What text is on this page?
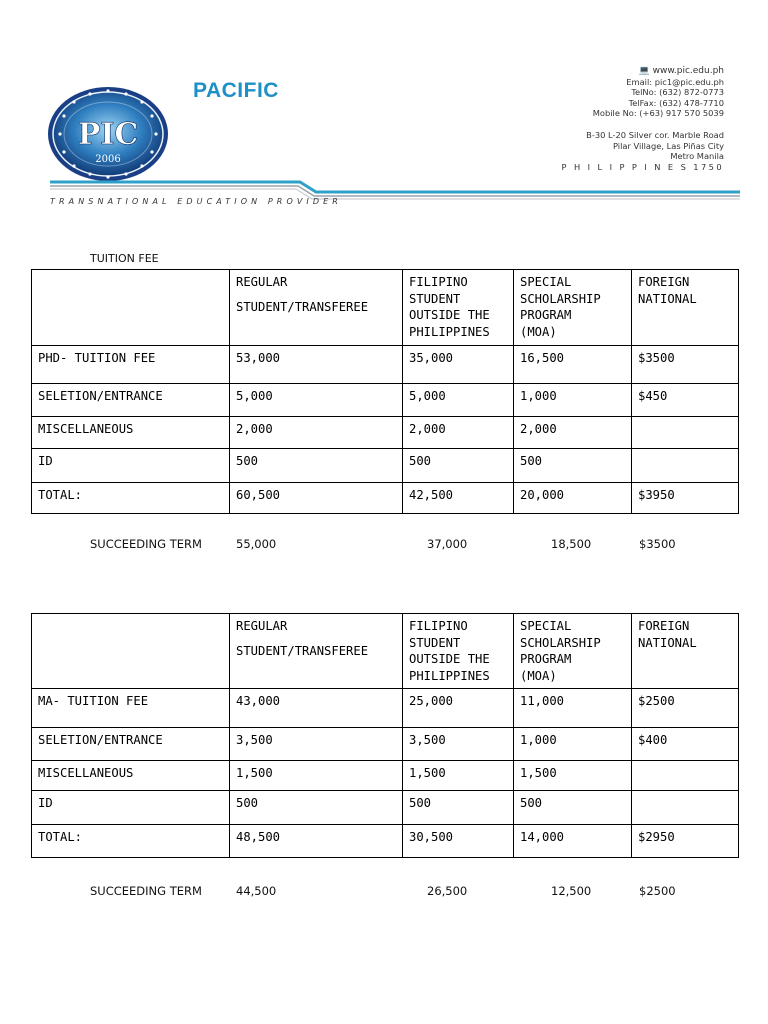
PIC
2006
PACIFIC
💻 www.pic.edu.ph
Email: pic1@pic.edu.ph
TelNo: (632) 872-0773
TelFax: (632) 478-7710
Mobile No: (+63) 917 570 5039
B-30 L-20 Silver cor. Marble Road
Pilar Village, Las Piñas City
Metro Manila
P H I L I P P I N E S 1750
TRANSNATIONAL EDUCATION PROVIDER
TUITION FEE

	REGULAR
STUDENT/TRANSFEREE	FILIPINO
STUDENT
OUTSIDE THE
PHILIPPINES	SPECIAL
SCHOLARSHIP
PROGRAM
(MOA)	FOREIGN
NATIONAL

PHD- TUITION FEE	53,000	35,000	16,500	$3500
SELETION/ENTRANCE	5,000	5,000	1,000	$450
MISCELLANEOUS	2,000	2,000	2,000	
ID	500	500	500	
TOTAL:	60,500	42,500	20,000	$3950
SUCCEEDING TERM	55,000	37,000	18,500	$3500

	REGULAR
STUDENT/TRANSFEREE	FILIPINO
STUDENT
OUTSIDE THE
PHILIPPINES	SPECIAL
SCHOLARSHIP
PROGRAM
(MOA)	FOREIGN
NATIONAL

MA- TUITION FEE	43,000	25,000	11,000	$2500
SELETION/ENTRANCE	3,500	3,500	1,000	$400
MISCELLANEOUS	1,500	1,500	1,500	
ID	500	500	500	
TOTAL:	48,500	30,500	14,000	$2950
SUCCEEDING TERM	44,500	26,500	12,500	$2500
